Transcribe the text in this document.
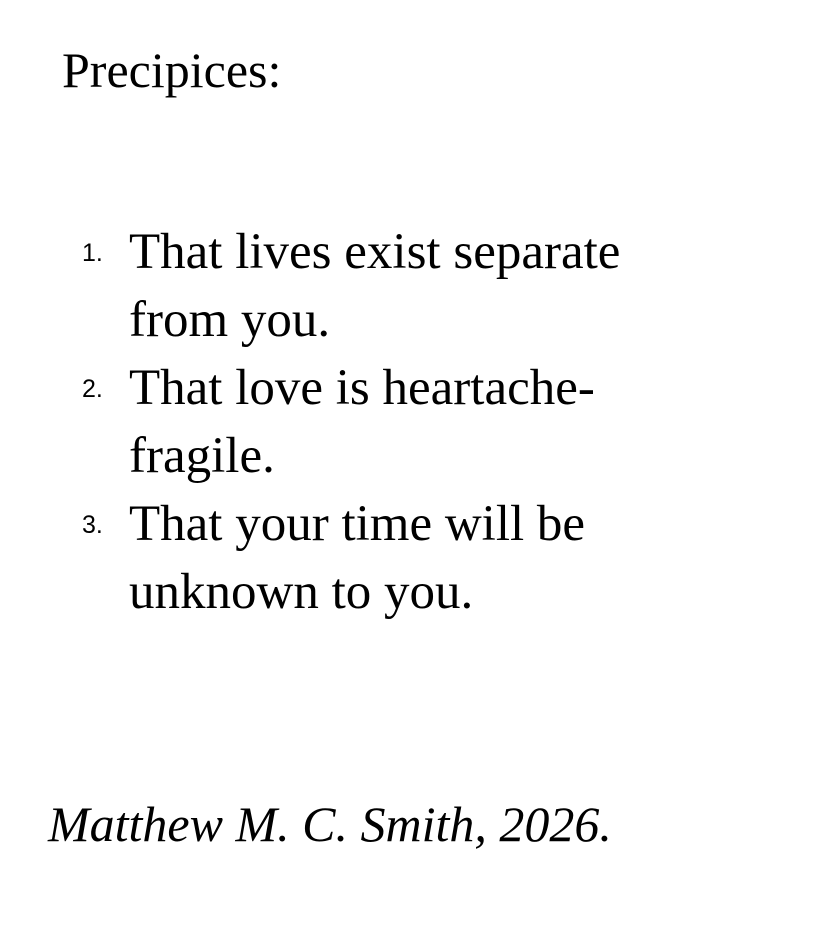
Precipices:
1. That lives exist separate
from you.
2. That love is heartache-
fragile.
3. That your time will be
unknown to you.

Matthew M. C. Smith, 2026.
